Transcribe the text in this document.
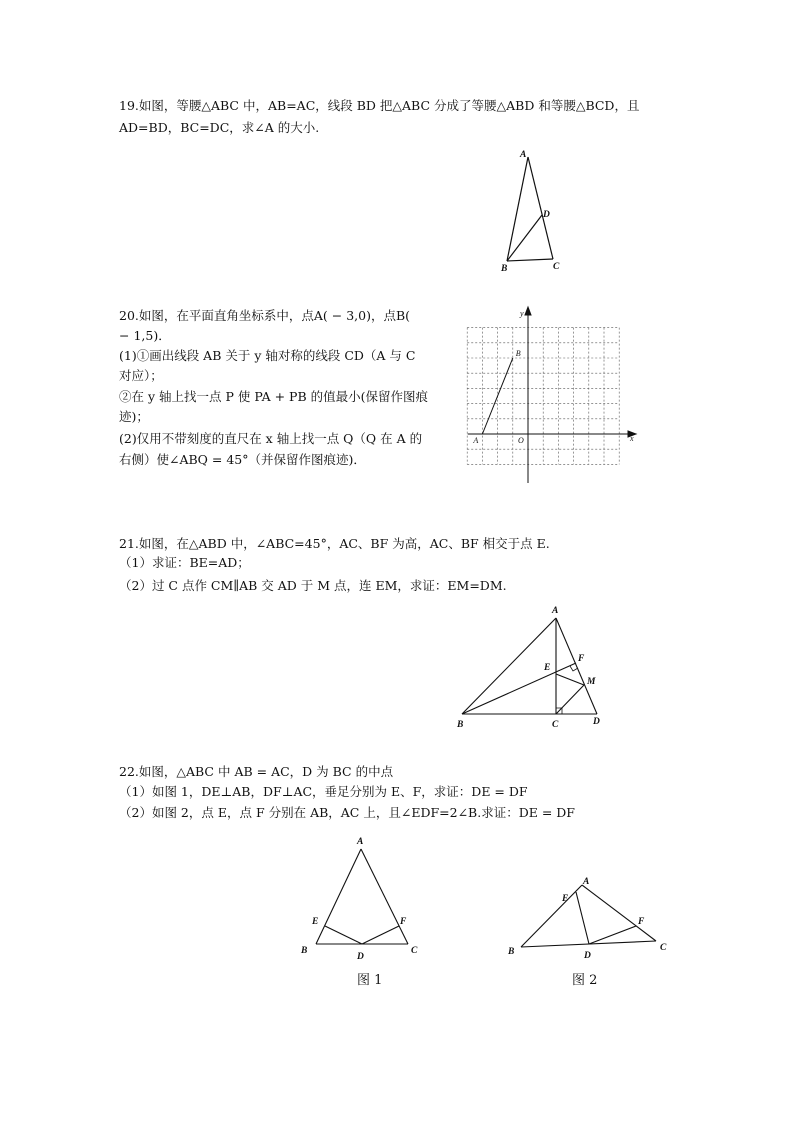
19.如图，等腰△ABC 中，AB=AC，线段 BD 把△ABC 分成了等腰△ABD 和等腰△BCD，且
AD=BD，BC=DC，求∠A 的大小.
A
B	C
D
20.如图，在平面直角坐标系中，点A( − 3,0)，点B(
− 1,5)．
(1)①画出线段 AB 关于 y 轴对称的线段 CD（A 与 C
对应）；
②在 y 轴上找一点 P 使 PA + PB 的值最小(保留作图痕
迹)；
(2)仅用不带刻度的直尺在 x 轴上找一点 Q（Q 在 A 的
右侧）使∠ABQ = 45°（并保留作图痕迹)．
y
x
O
A
B
21.如图，在△ABD 中，∠ABC=45°，AC、BF 为高，AC、BF 相交于点 E.
（1）求证：BE=AD；
（2）过 C 点作 CM∥AB 交 AD 于 M 点，连 EM，求证：EM=DM.
A
B	C	D
E
F
M
22.如图，△ABC 中 AB = AC，D 为 BC 的中点
（1）如图 1，DE⊥AB，DF⊥AC，垂足分别为 E、F，求证：DE = DF
（2）如图 2，点 E，点 F 分别在 AB，AC 上，且∠EDF=2∠B.求证：DE = DF
A
B	C
D
E	F
图 1
A
B	C
D
E
F
图 2
